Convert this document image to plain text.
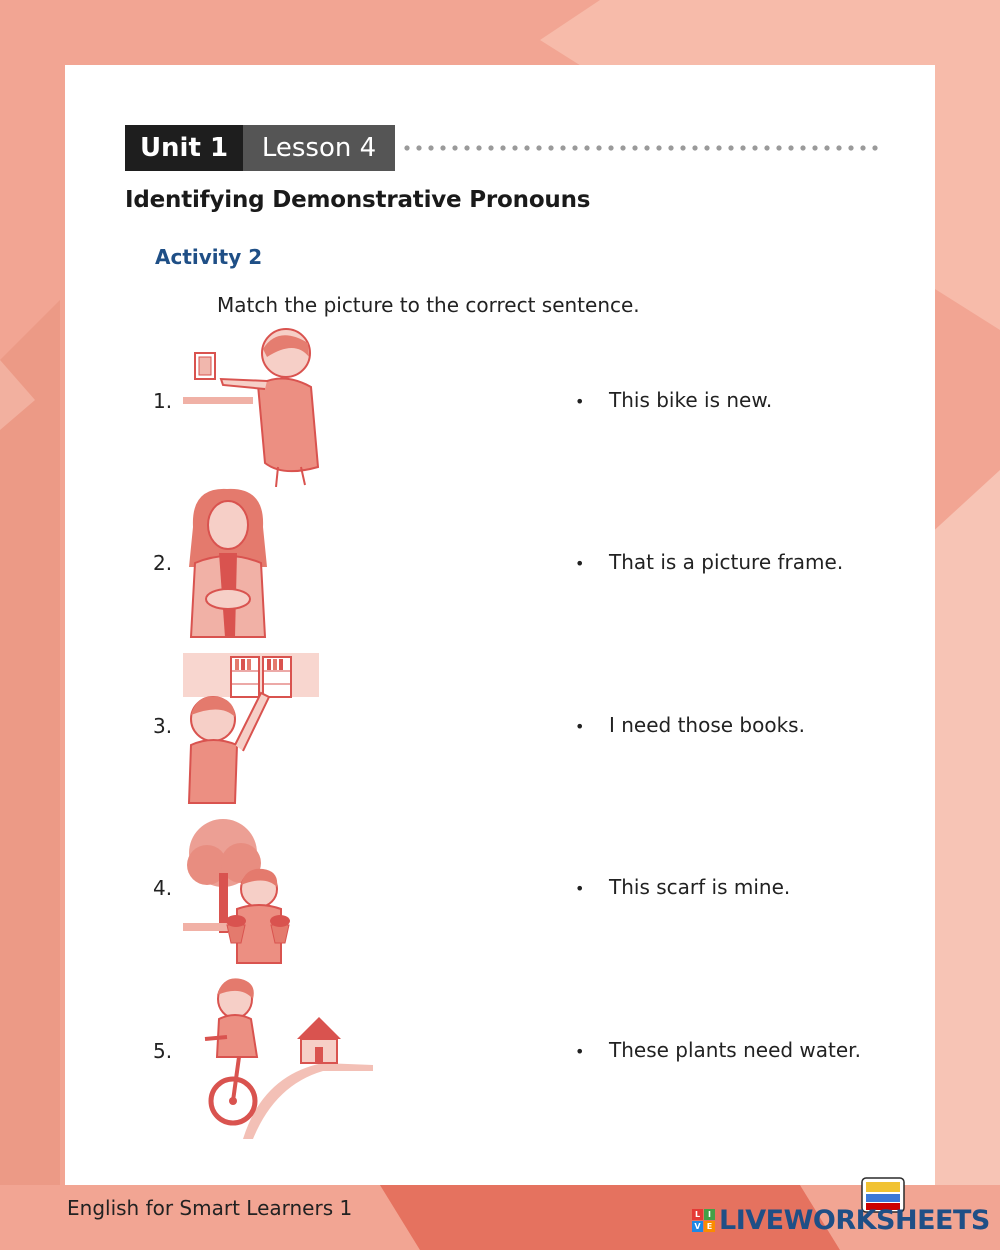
Unit 1	Lesson 4
Identifying Demonstrative Pronouns
Activity 2
Match the picture to the correct sentence.
1.	• This bike is new.
2.	• That is a picture frame.
3.	• I need those books.
4.	• This scarf is mine.
5.	• These plants need water.
English for Smart Learners 1	L I
V E LIVEWORKSHEETS
